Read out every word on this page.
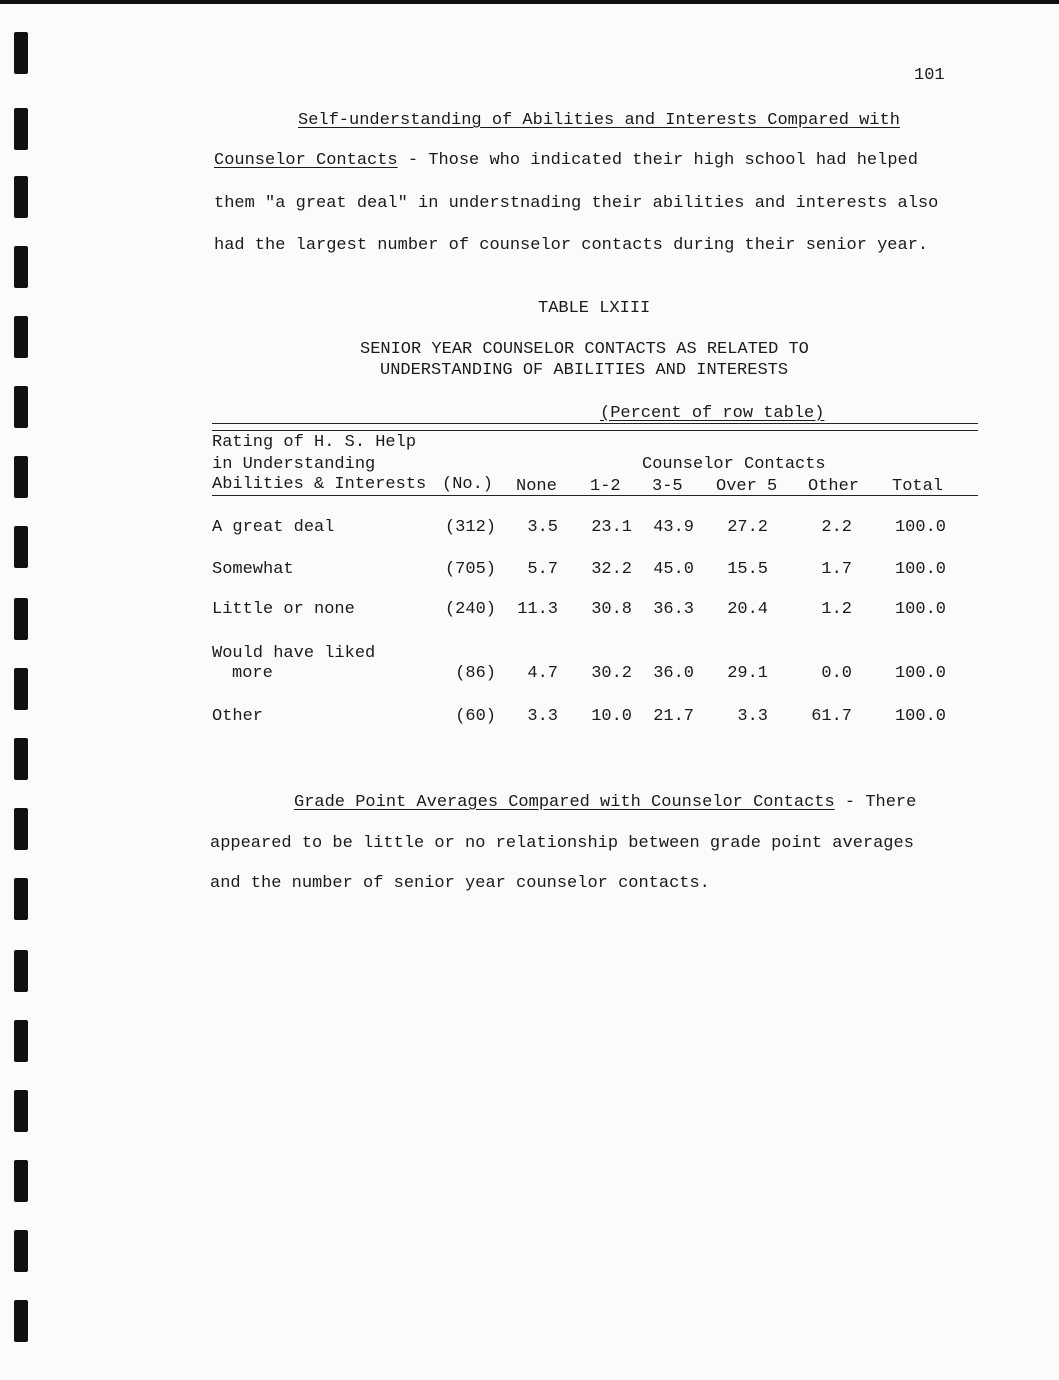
101
Self-understanding of Abilities and Interests Compared with
Counselor Contacts - Those who indicated their high school had helped
them "a great deal" in understnading their abilities and interests also
had the largest number of counselor contacts during their senior year.
TABLE LXIII
SENIOR YEAR COUNSELOR CONTACTS AS RELATED TO
UNDERSTANDING OF ABILITIES AND INTERESTS
(Percent of row table)
Rating of H. S. Help
in Understanding
Abilities & Interests (No.)
Counselor Contacts
None 1-2 3-5 Over 5 Other Total
A great deal	(312)	3.5	23.1	43.9	27.2	2.2	100.0
Somewhat	(705)	5.7	32.2	45.0	15.5	1.7	100.0
Little or none	(240)	11.3	30.8	36.3	20.4	1.2	100.0
Would have liked
more	(86)	4.7	30.2	36.0	29.1	0.0	100.0
Other	(60)	3.3	10.0	21.7	3.3	61.7	100.0
Grade Point Averages Compared with Counselor Contacts - There
appeared to be little or no relationship between grade point averages
and the number of senior year counselor contacts.
